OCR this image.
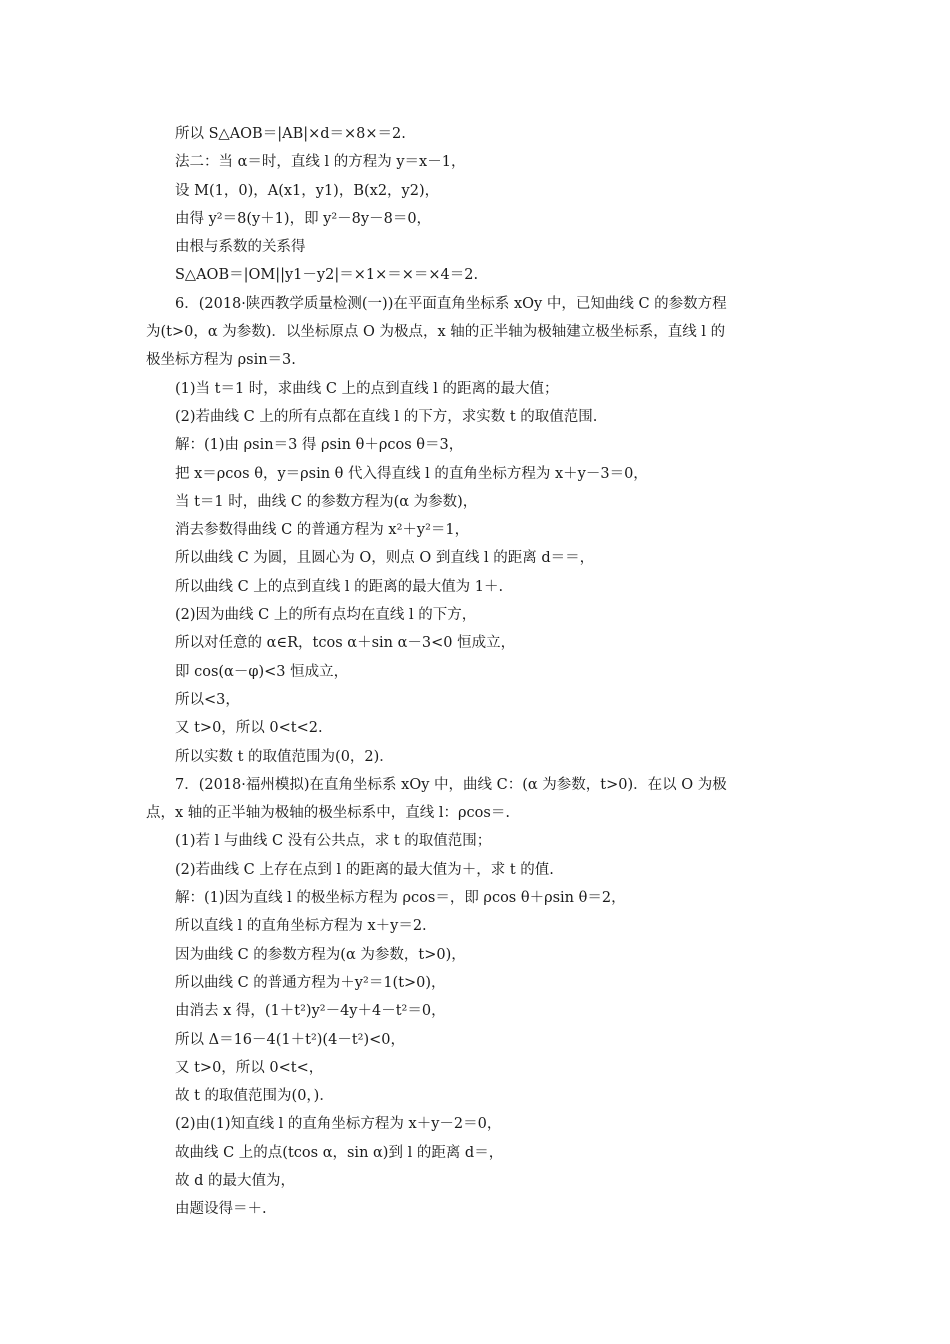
所以 S△AOB＝|AB|×d＝×8×＝2.
法二：当 α＝时，直线 l 的方程为 y＝x－1，
设 M(1，0)，A(x1，y1)，B(x2，y2)，
由得 y²＝8(y＋1)，即 y²－8y－8＝0，
由根与系数的关系得
S△AOB＝|OM||y1－y2|＝×1×＝×＝×4＝2.
6．(2018·陕西教学质量检测(一))在平面直角坐标系 xOy 中，已知曲线 C 的参数方程
为(t>0，α 为参数)．以坐标原点 O 为极点，x 轴的正半轴为极轴建立极坐标系，直线 l 的
极坐标方程为 ρsin＝3.
(1)当 t＝1 时，求曲线 C 上的点到直线 l 的距离的最大值；
(2)若曲线 C 上的所有点都在直线 l 的下方，求实数 t 的取值范围.
解：(1)由 ρsin＝3 得 ρsin θ＋ρcos θ＝3，
把 x＝ρcos θ，y＝ρsin θ 代入得直线 l 的直角坐标方程为 x＋y－3＝0，
当 t＝1 时，曲线 C 的参数方程为(α 为参数)，
消去参数得曲线 C 的普通方程为 x²＋y²＝1，
所以曲线 C 为圆，且圆心为 O，则点 O 到直线 l 的距离 d＝＝，
所以曲线 C 上的点到直线 l 的距离的最大值为 1＋.
(2)因为曲线 C 上的所有点均在直线 l 的下方，
所以对任意的 α∈R，tcos α＋sin α－3<0 恒成立，
即 cos(α－φ)<3 恒成立，
所以<3，
又 t>0，所以 0<t<2.
所以实数 t 的取值范围为(0，2)．
7．(2018·福州模拟)在直角坐标系 xOy 中，曲线 C：(α 为参数，t>0)．在以 O 为极
点，x 轴的正半轴为极轴的极坐标系中，直线 l：ρcos＝.
(1)若 l 与曲线 C 没有公共点，求 t 的取值范围；
(2)若曲线 C 上存在点到 l 的距离的最大值为＋，求 t 的值.
解：(1)因为直线 l 的极坐标方程为 ρcos＝，即 ρcos θ＋ρsin θ＝2，
所以直线 l 的直角坐标方程为 x＋y＝2.
因为曲线 C 的参数方程为(α 为参数，t>0)，
所以曲线 C 的普通方程为＋y²＝1(t>0)，
由消去 x 得，(1＋t²)y²－4y＋4－t²＝0，
所以 Δ＝16－4(1＋t²)(4－t²)<0，
又 t>0，所以 0<t<，
故 t 的取值范围为(0，)．
(2)由(1)知直线 l 的直角坐标方程为 x＋y－2＝0，
故曲线 C 上的点(tcos α，sin α)到 l 的距离 d＝，
故 d 的最大值为，
由题设得＝＋.
